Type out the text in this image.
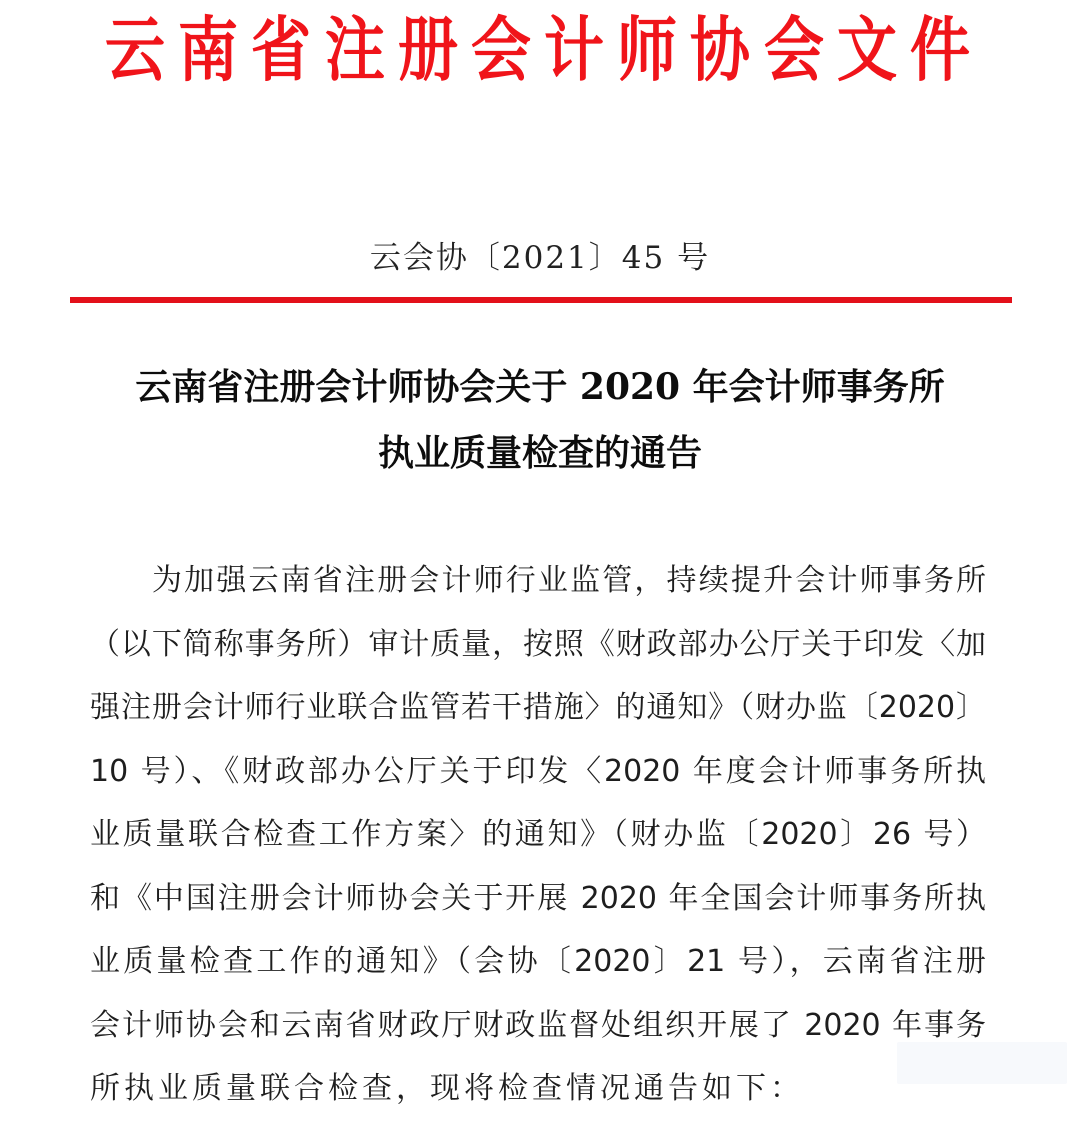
云 南 省 注 册 会 计 师 协 会 文 件
云会协〔2021〕45 号
云南省注册会计师协会关于 2020 年会计师事务所
执业质量检查的通告
为加强云南省注册会计师行业监管，持续提升会计师事务所
（以下简称事务所）审计质量，按照《财政部办公厅关于印发〈加
强注册会计师行业联合监管若干措施〉的通知》（财办监〔2020〕
10 号）、《财政部办公厅关于印发〈2020 年度会计师事务所执
业质量联合检查工作方案〉的通知》（财办监〔2020〕26 号）
和《中国注册会计师协会关于开展 2020 年全国会计师事务所执
业质量检查工作的通知》（会协〔2020〕21 号），云南省注册
会计师协会和云南省财政厅财政监督处组织开展了 2020 年事务
所执业质量联合检查，现将检查情况通告如下：
